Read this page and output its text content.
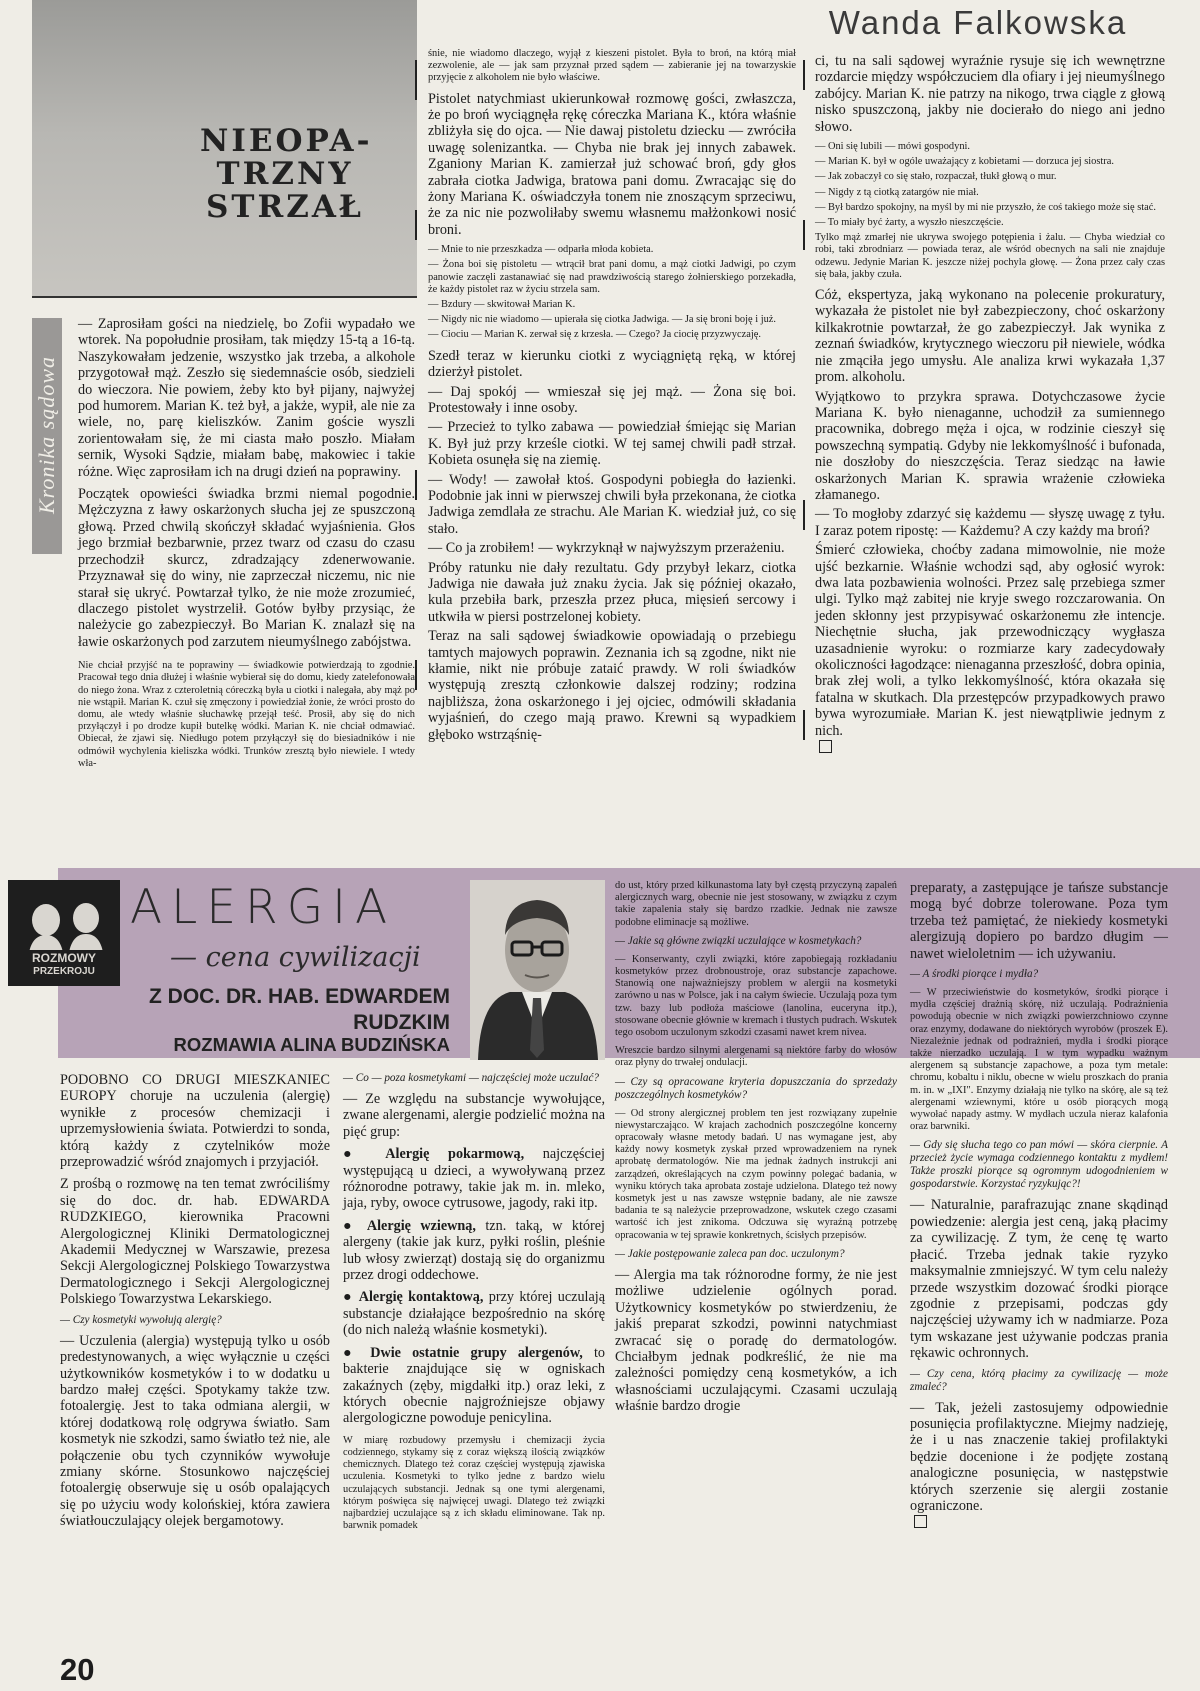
NIEOPA-TRZNY STRZAŁ
Wanda Falkowska
Kronika sądowa

— Zaprosiłam gości na niedzielę, bo Zofii wypadało we wtorek. Na popołudnie prosiłam, tak między 15-tą a 16-tą. Naszykowałam jedzenie, wszystko jak trzeba, a alkohole przygotował mąż. Zeszło się siedemnaście osób, siedzieli do wieczora. Nie powiem, żeby kto był pijany, najwyżej pod humorem. Marian K. też był, a jakże, wypił, ale nie za wiele, no, parę kieliszków. Zanim goście wyszli zorientowałam się, że mi ciasta mało poszło. Miałam sernik, Wysoki Sądzie, miałam babę, makowiec i takie różne. Więc zaprosiłam ich na drugi dzień na poprawiny.

Początek opowieści świadka brzmi niemal pogodnie. Mężczyzna z ławy oskarżonych słucha jej ze spuszczoną głową. Przed chwilą skończył składać wyjaśnienia. Głos jego brzmiał bezbarwnie, przez twarz od czasu do czasu przechodził skurcz, zdradzający zdenerwowanie. Przyznawał się do winy, nie zaprzeczał niczemu, nic nie starał się ukryć. Powtarzał tylko, że nie może zrozumieć, dlaczego pistolet wystrzelił. Gotów byłby przysiąc, że należycie go zabezpieczył. Bo Marian K. znalazł się na ławie oskarżonych pod zarzutem nieumyślnego zabójstwa.

Nie chciał przyjść na te poprawiny — świadkowie potwierdzają to zgodnie. Pracował tego dnia dłużej i właśnie wybierał się do domu, kiedy zatelefonowała do niego żona. Wraz z czteroletnią córeczką była u ciotki i nalegała, aby mąż po nie wstąpił. Marian K. czuł się zmęczony i powiedział żonie, że wróci prosto do domu, ale wtedy właśnie słuchawkę przejął teść. Prosił, aby się do nich przyłączył i po drodze kupił butelkę wódki. Marian K. nie chciał odmawiać. Obiecał, że zjawi się. Niedługo potem przyłączył się do biesiadników i nie odmówił wychylenia kieliszka wódki. Trunków zresztą było niewiele. I wtedy wła-

śnie, nie wiadomo dlaczego, wyjął z kieszeni pistolet. Była to broń, na którą miał zezwolenie, ale — jak sam przyznał przed sądem — zabieranie jej na towarzyskie przyjęcie z alkoholem nie było właściwe.

Pistolet natychmiast ukierunkował rozmowę gości, zwłaszcza, że po broń wyciągnęła rękę córeczka Mariana K., która właśnie zbliżyła się do ojca. — Nie dawaj pistoletu dziecku — zwróciła uwagę solenizantka. — Chyba nie brak jej innych zabawek. Zganiony Marian K. zamierzał już schować broń, gdy głos zabrała ciotka Jadwiga, bratowa pani domu. Zwracając się do żony Mariana K. oświadczyła tonem nie znoszącym sprzeciwu, że za nic nie pozwoliłaby swemu własnemu małżonkowi nosić broni.

— Mnie to nie przeszkadza — odparła młoda kobieta.

— Żona boi się pistoletu — wtrącił brat pani domu, a mąż ciotki Jadwigi, po czym panowie zaczęli zastanawiać się nad prawdziwością starego żołnierskiego porzekadła, że każdy pistolet raz w życiu strzela sam.

— Bzdury — skwitował Marian K.

— Nigdy nic nie wiadomo — upierała się ciotka Jadwiga. — Ja się broni boję i już.

— Ciociu — Marian K. zerwał się z krzesła. — Czego? Ja ciocię przyzwyczaję.

Szedł teraz w kierunku ciotki z wyciągniętą ręką, w której dzierżył pistolet.

— Daj spokój — wmieszał się jej mąż. — Żona się boi. Protestowały i inne osoby.

— Przecież to tylko zabawa — powiedział śmiejąc się Marian K. Był już przy krześle ciotki. W tej samej chwili padł strzał. Kobieta osunęła się na ziemię.

— Wody! — zawołał ktoś. Gospodyni pobiegła do łazienki. Podobnie jak inni w pierwszej chwili była przekonana, że ciotka Jadwiga zemdlała ze strachu. Ale Marian K. wiedział już, co się stało.

— Co ja zrobiłem! — wykrzyknął w najwyższym przerażeniu.

Próby ratunku nie dały rezultatu. Gdy przybył lekarz, ciotka Jadwiga nie dawała już znaku życia. Jak się później okazało, kula przebiła bark, przeszła przez płuca, mięsień sercowy i utkwiła w piersi postrzelonej kobiety.

Teraz na sali sądowej świadkowie opowiadają o przebiegu tamtych majowych poprawin. Zeznania ich są zgodne, nikt nie kłamie, nikt nie próbuje zataić prawdy. W roli świadków występują zresztą członkowie dalszej rodziny; rodzina najbliższa, żona oskarżonego i jej ojciec, odmówili składania wyjaśnień, do czego mają prawo. Krewni są wypadkiem głęboko wstrząśnię-

ci, tu na sali sądowej wyraźnie rysuje się ich wewnętrzne rozdarcie między współczuciem dla ofiary i jej nieumyślnego zabójcy. Marian K. nie patrzy na nikogo, trwa ciągle z głową nisko spuszczoną, jakby nie docierało do niego ani jedno słowo.

— Oni się lubili — mówi gospodyni.

— Marian K. był w ogóle uważający z kobietami — dorzuca jej siostra.

— Jak zobaczył co się stało, rozpaczał, tłukł głową o mur.

— Nigdy z tą ciotką zatargów nie miał.

— Był bardzo spokojny, na myśl by mi nie przyszło, że coś takiego może się stać.

— To miały być żarty, a wyszło nieszczęście.

Tylko mąż zmarłej nie ukrywa swojego potępienia i żalu. — Chyba wiedział co robi, taki zbrodniarz — powiada teraz, ale wśród obecnych na sali nie znajduje odzewu. Jedynie Marian K. jeszcze niżej pochyla głowę. — Żona przez cały czas się bała, jakby czuła.

Cóż, ekspertyza, jaką wykonano na polecenie prokuratury, wykazała że pistolet nie był zabezpieczony, choć oskarżony kilkakrotnie powtarzał, że go zabezpieczył. Jak wynika z zeznań świadków, krytycznego wieczoru pił niewiele, wódka nie zmąciła jego umysłu. Ale analiza krwi wykazała 1,37 prom. alkoholu.

Wyjątkowo to przykra sprawa. Dotychczasowe życie Mariana K. było nienaganne, uchodził za sumiennego pracownika, dobrego męża i ojca, w rodzinie cieszył się powszechną sympatią. Gdyby nie lekkomyślność i bufonada, nie doszłoby do nieszczęścia. Teraz siedząc na ławie oskarżonych Marian K. sprawia wrażenie człowieka złamanego.

— To mogłoby zdarzyć się każdemu — słyszę uwagę z tyłu. I zaraz potem ripostę: — Każdemu? A czy każdy ma broń?

Śmierć człowieka, choćby zadana mimowolnie, nie może ujść bezkarnie. Właśnie wchodzi sąd, aby ogłosić wyrok: dwa lata pozbawienia wolności. Przez salę przebiega szmer ulgi. Tylko mąż zabitej nie kryje swego rozczarowania. On jeden skłonny jest przypisywać oskarżonemu złe intencje. Niechętnie słucha, jak przewodniczący wygłasza uzasadnienie wyroku: o rozmiarze kary zadecydowały okoliczności łagodzące: nienaganna przeszłość, dobra opinia, brak złej woli, a tylko lekkomyślność, która okazała się fatalna w skutkach. Dla przestępców przypadkowych prawo bywa wyrozumiałe. Marian K. jest niewątpliwie jednym z nich.

ROZMOWY
PRZEKROJU
ALERGIA
— cena cywilizacji
Z DOC. DR. HAB. EDWARDEM RUDZKIM
ROZMAWIA ALINA BUDZIŃSKA

PODOBNO CO DRUGI MIESZKANIEC EUROPY choruje na uczulenia (alergię) wynikłe z procesów chemizacji i uprzemysłowienia świata. Potwierdzi to sonda, którą każdy z czytelników może przeprowadzić wśród znajomych i przyjaciół.

Z prośbą o rozmowę na ten temat zwróciliśmy się do doc. dr. hab. EDWARDA RUDZKIEGO, kierownika Pracowni Alergologicznej Kliniki Dermatologicznej Akademii Medycznej w Warszawie, prezesa Sekcji Alergologicznej Polskiego Towarzystwa Dermatologicznego i Sekcji Alergologicznej Polskiego Towarzystwa Lekarskiego.

— Czy kosmetyki wywołują alergię?

— Uczulenia (alergia) występują tylko u osób predestynowanych, a więc wyłącznie u części użytkowników kosmetyków i to w dodatku u bardzo małej części. Spotykamy także tzw. fotoalergię. Jest to taka odmiana alergii, w której dodatkową rolę odgrywa światło. Sam kosmetyk nie szkodzi, samo światło też nie, ale połączenie obu tych czynników wywołuje zmiany skórne. Stosunkowo najczęściej fotoalergię obserwuje się u osób opalających się po użyciu wody kolońskiej, która zawiera światłouczulający olejek bergamotowy.

— Co — poza kosmetykami — najczęściej może uczulać?

— Ze względu na substancje wywołujące, zwane alergenami, alergie podzielić można na pięć grup:

● Alergię pokarmową, najczęściej występującą u dzieci, a wywoływaną przez różnorodne potrawy, takie jak m. in. mleko, jaja, ryby, owoce cytrusowe, jagody, raki itp.

● Alergię wziewną, tzn. taką, w której alergeny (takie jak kurz, pyłki roślin, pleśnie lub włosy zwierząt) dostają się do organizmu przez drogi oddechowe.

● Alergię kontaktową, przy której uczulają substancje działające bezpośrednio na skórę (do nich należą właśnie kosmetyki).

● Dwie ostatnie grupy alergenów, to bakterie znajdujące się w ogniskach zakaźnych (zęby, migdałki itp.) oraz leki, z których obecnie najgroźniejsze objawy alergologiczne powoduje penicylina.

W miarę rozbudowy przemysłu i chemizacji życia codziennego, stykamy się z coraz większą ilością związków chemicznych. Dlatego też coraz częściej występują zjawiska uczulenia. Kosmetyki to tylko jedne z bardzo wielu uczulających substancji. Jednak są one tymi alergenami, którym poświęca się najwięcej uwagi. Dlatego też związki najbardziej uczulające są z ich składu eliminowane. Tak np. barwnik pomadek

do ust, który przed kilkunastoma laty był częstą przyczyną zapaleń alergicznych warg, obecnie nie jest stosowany, w związku z czym takie zapalenia stały się bardzo rzadkie. Jednak nie zawsze podobne eliminacje są możliwe.

— Jakie są główne związki uczulające w kosmetykach?

— Konserwanty, czyli związki, które zapobiegają rozkładaniu kosmetyków przez drobnoustroje, oraz substancje zapachowe. Stanowią one najważniejszy problem w alergii na kosmetyki zarówno u nas w Polsce, jak i na całym świecie. Uczulają poza tym tzw. bazy lub podłoża maściowe (lanolina, euceryna itp.), stosowane obecnie głównie w kremach i tłustych pudrach. Wskutek tego osobom uczulonym szkodzi czasami nawet krem nivea.

Wreszcie bardzo silnymi alergenami są niektóre farby do włosów oraz płyny do trwałej ondulacji.

— Czy są opracowane kryteria dopuszczania do sprzedaży poszczególnych kosmetyków?

— Od strony alergicznej problem ten jest rozwiązany zupełnie niewystarczająco. W krajach zachodnich poszczególne koncerny opracowały własne metody badań. U nas wymagane jest, aby każdy nowy kosmetyk zyskał przed wprowadzeniem na rynek aprobatę dermatologów. Nie ma jednak żadnych instrukcji ani zarządzeń, określających na czym powinny polegać badania, w wyniku których taka aprobata zostaje udzielona. Dlatego też nowy kosmetyk jest u nas zawsze wstępnie badany, ale nie zawsze badania te są należycie przeprowadzone, wskutek czego czasami wartość ich jest znikoma. Odczuwa się wyraźną potrzebę opracowania w tej sprawie konkretnych, ścisłych przepisów.

— Jakie postępowanie zaleca pan doc. uczulonym?

— Alergia ma tak różnorodne formy, że nie jest możliwe udzielenie ogólnych porad. Użytkownicy kosmetyków po stwierdzeniu, że jakiś preparat szkodzi, powinni natychmiast zwracać się o poradę do dermatologów. Chciałbym jednak podkreślić, że nie ma zależności pomiędzy ceną kosmetyków, a ich własnościami uczulającymi. Czasami uczulają właśnie bardzo drogie

preparaty, a zastępujące je tańsze substancje mogą być dobrze tolerowane. Poza tym trzeba też pamiętać, że niekiedy kosmetyki alergizują dopiero po bardzo długim — nawet wieloletnim — ich używaniu.

— A środki piorące i mydła?

— W przeciwieństwie do kosmetyków, środki piorące i mydła częściej drażnią skórę, niż uczulają. Podrażnienia powodują obecnie w nich związki powierzchniowo czynne oraz enzymy, dodawane do niektórych wyrobów (proszek E). Niezależnie jednak od podrażnień, mydła i środki piorące także nierzadko uczulają. I w tym wypadku ważnym alergenem są substancje zapachowe, a poza tym metale: chromu, kobaltu i niklu, obecne w wielu proszkach do prania m. in. w „IXI". Enzymy działają nie tylko na skórę, ale są też alergenami wziewnymi, które u osób piorących mogą wywołać napady astmy. W mydłach uczula nieraz kalafonia oraz barwniki.

— Gdy się słucha tego co pan mówi — skóra cierpnie. A przecież życie wymaga codziennego kontaktu z mydłem! Także proszki piorące są ogromnym udogodnieniem w gospodarstwie. Korzystać ryzykując?!

— Naturalnie, parafrazując znane skądinąd powiedzenie: alergia jest ceną, jaką płacimy za cywilizację. Z tym, że cenę tę warto płacić. Trzeba jednak takie ryzyko maksymalnie zmniejszyć. W tym celu należy przede wszystkim dozować środki piorące zgodnie z przepisami, podczas gdy najczęściej używamy ich w nadmiarze. Poza tym wskazane jest używanie podczas prania rękawic ochronnych.

— Czy cena, którą płacimy za cywilizację — może zmaleć?

— Tak, jeżeli zastosujemy odpowiednie posunięcia profilaktyczne. Miejmy nadzieję, że i u nas znaczenie takiej profilaktyki będzie docenione i że podjęte zostaną analogiczne posunięcia, w następstwie których szerzenie się alergii zostanie ograniczone.

20
